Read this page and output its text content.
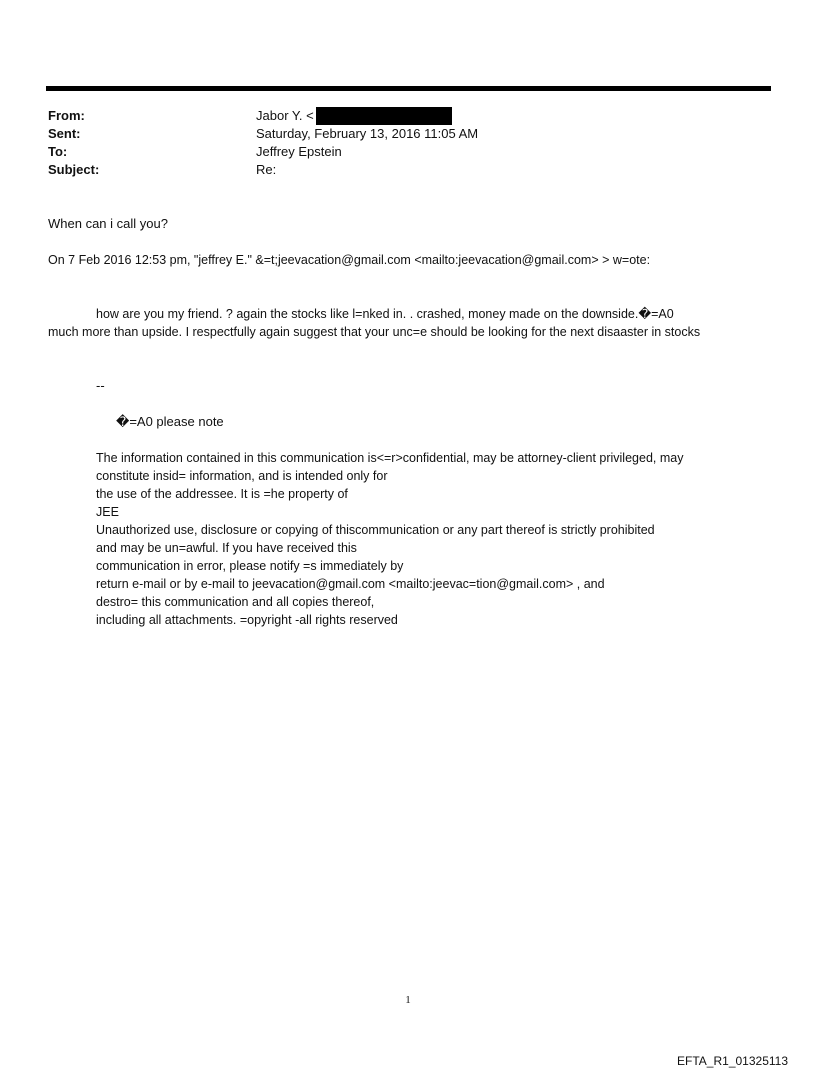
From:	Jabor Y. <
Sent:	Saturday, February 13, 2016 11:05 AM
To:	Jeffrey Epstein
Subject:	Re:
When can i call you?
On 7 Feb 2016 12:53 pm, "jeffrey E." &=t;jeevacation@gmail.com <mailto:jeevacation@gmail.com> > w=ote:
how are you my friend. ? again the stocks like l=nked in. . crashed, money made on the downside.�=A0
much more than upside. I respectfully again suggest that your unc=e should be looking for the next disaaster in stocks
--
�=A0 please note
The information contained in this communication is<=r>confidential, may be attorney-client privileged, may
constitute insid= information, and is intended only for
the use of the addressee. It is =he property of
JEE
Unauthorized use, disclosure or copying of thiscommunication or any part thereof is strictly prohibited
and may be un=awful. If you have received this
communication in error, please notify =s immediately by
return e-mail or by e-mail to jeevacation@gmail.com <mailto:jeevac=tion@gmail.com> , and
destro= this communication and all copies thereof,
including all attachments. =opyright -all rights reserved
1
EFTA_R1_01325113
